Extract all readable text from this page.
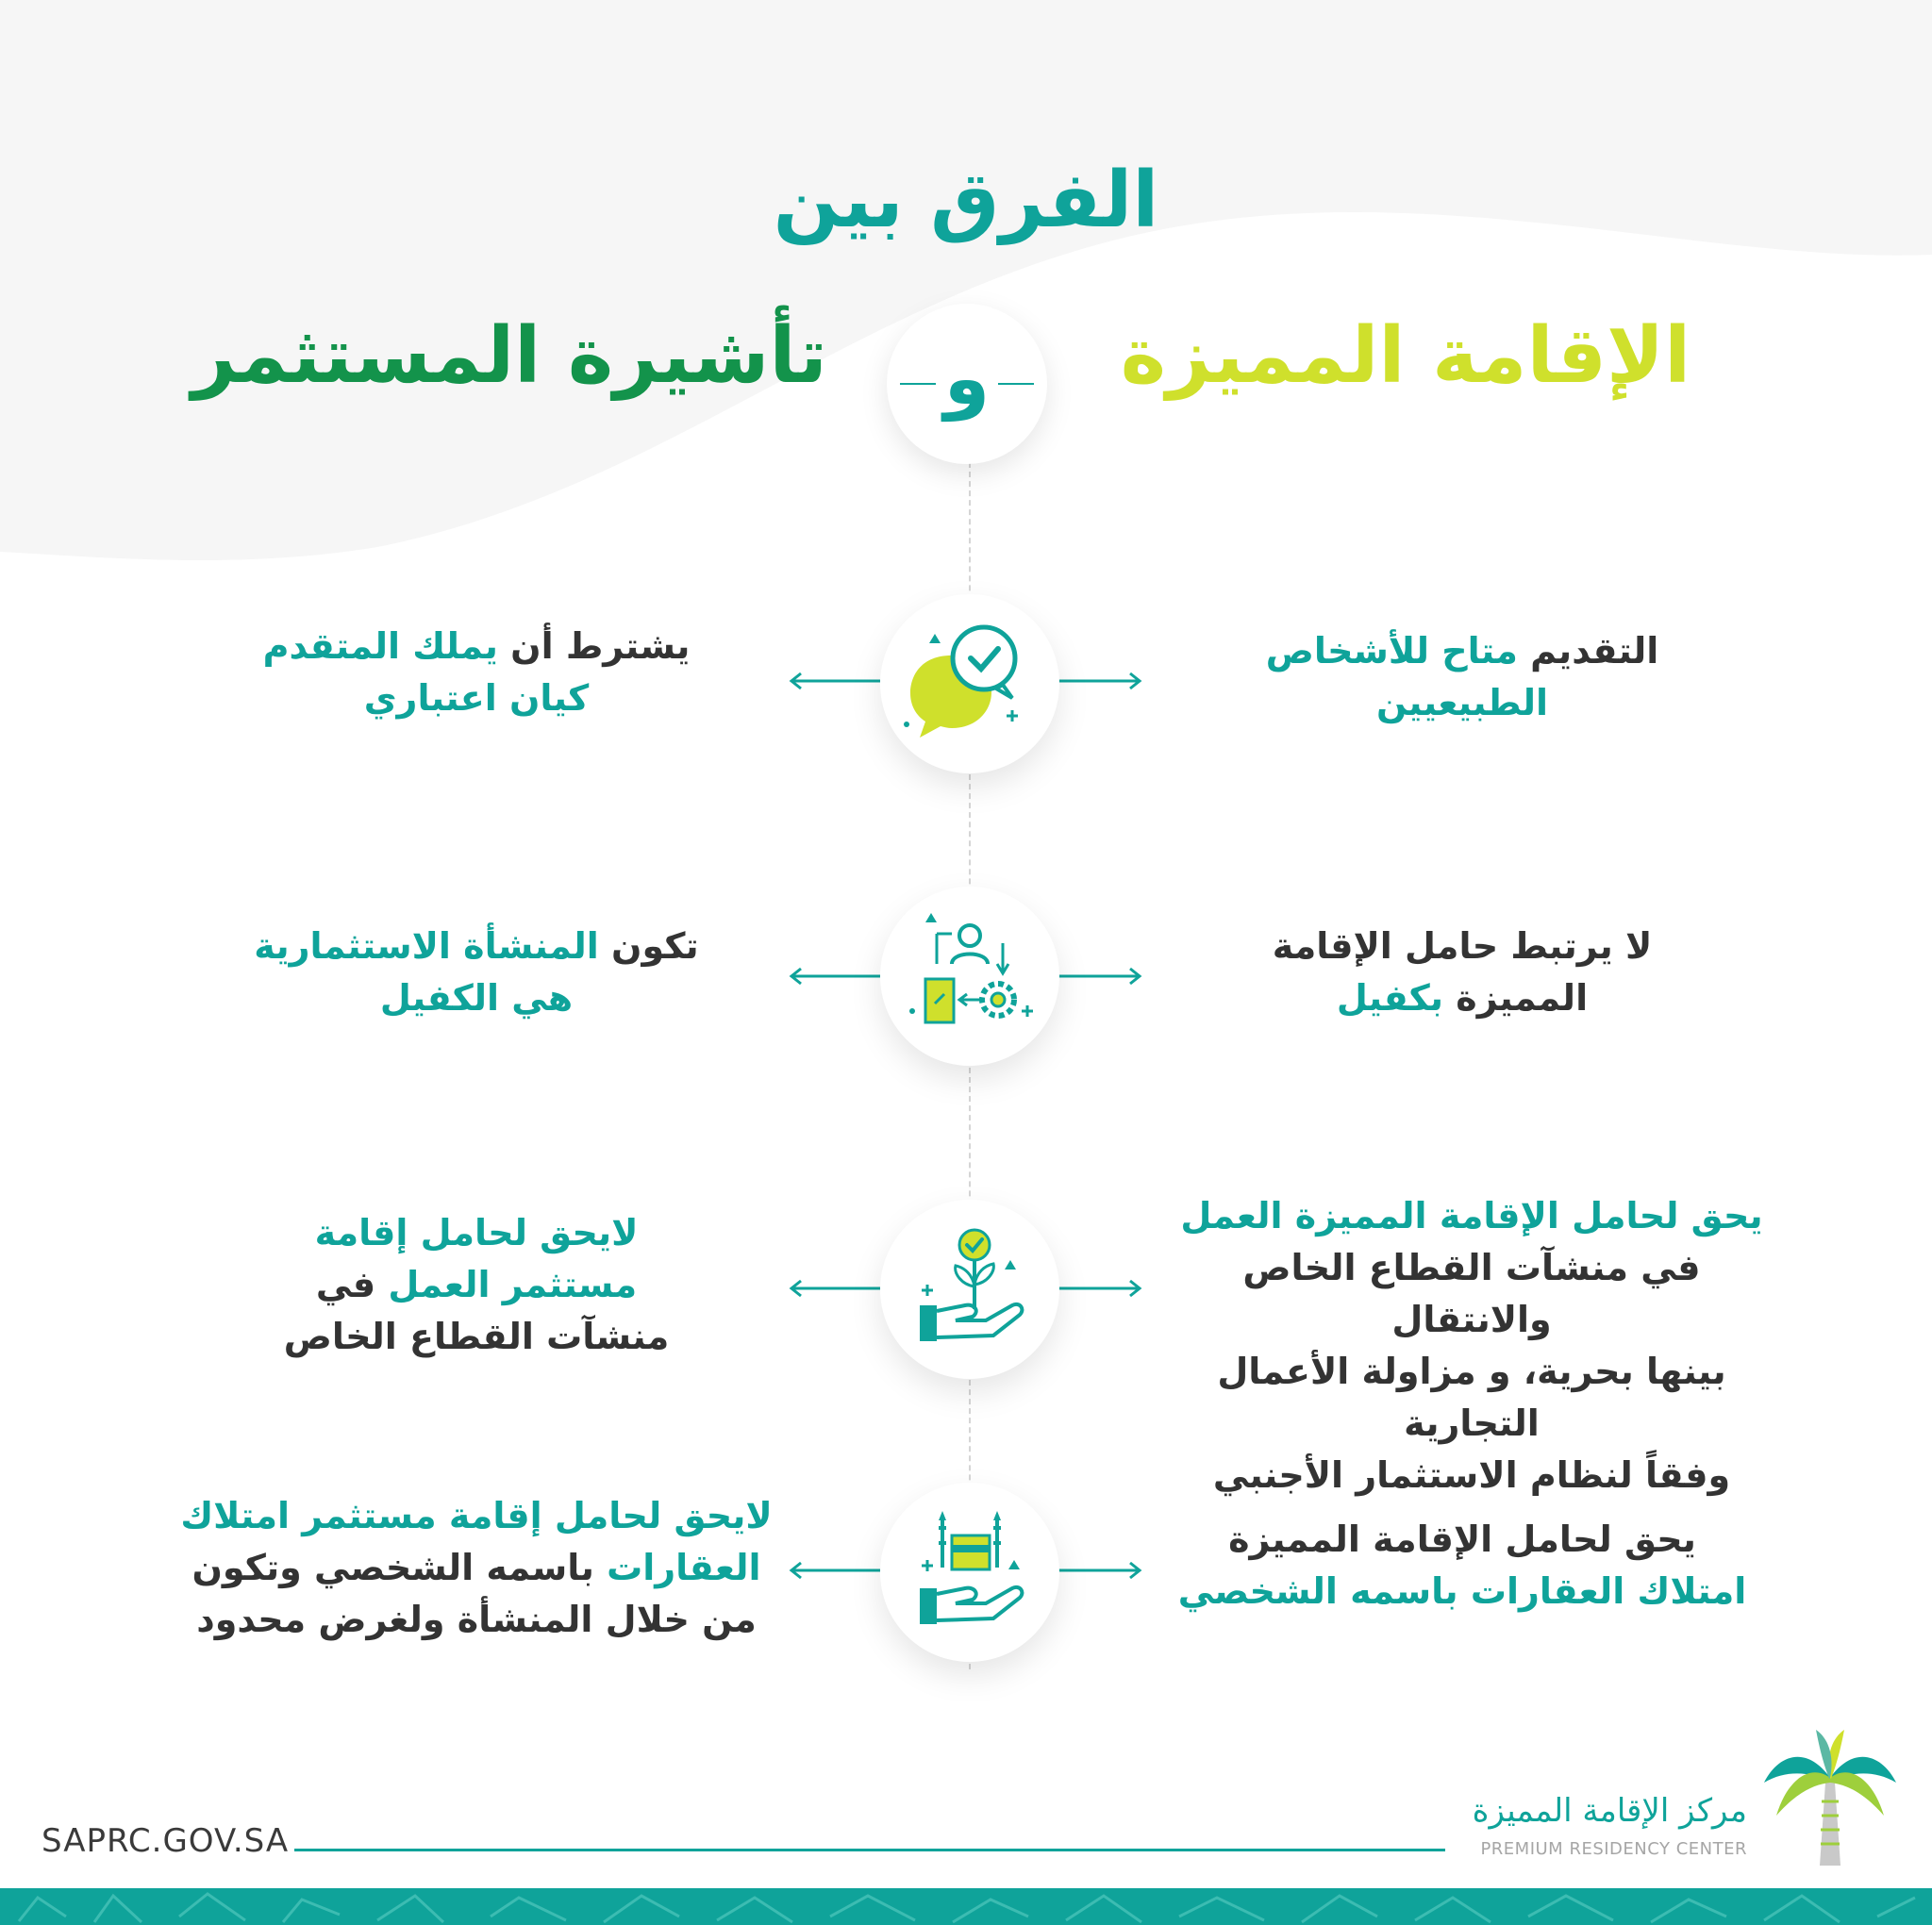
الفرق بين
الإقامة المميزة
تأشيرة المستثمر و
التقديم متاح للأشخاص
الطبيعيين
يشترط أن يملك المتقدم
كيان اعتباري
لا يرتبط حامل الإقامة
المميزة بكفيل
تكون المنشأة الاستثمارية
هي الكفيل
يحق لحامل الإقامة المميزة العمل
في منشآت القطاع الخاص والانتقال
بينها بحرية، و مزاولة الأعمال التجارية
وفقاً لنظام الاستثمار الأجنبي
لايحق لحامل إقامة
مستثمر العمل في
منشآت القطاع الخاص
يحق لحامل الإقامة المميزة
امتلاك العقارات باسمه الشخصي
لايحق لحامل إقامة مستثمر امتلاك
العقارات باسمه الشخصي وتكون
من خلال المنشأة ولغرض محدود
SAPRC.GOV.SA
مركز الإقامة المميزة
PREMIUM RESIDENCY CENTER
